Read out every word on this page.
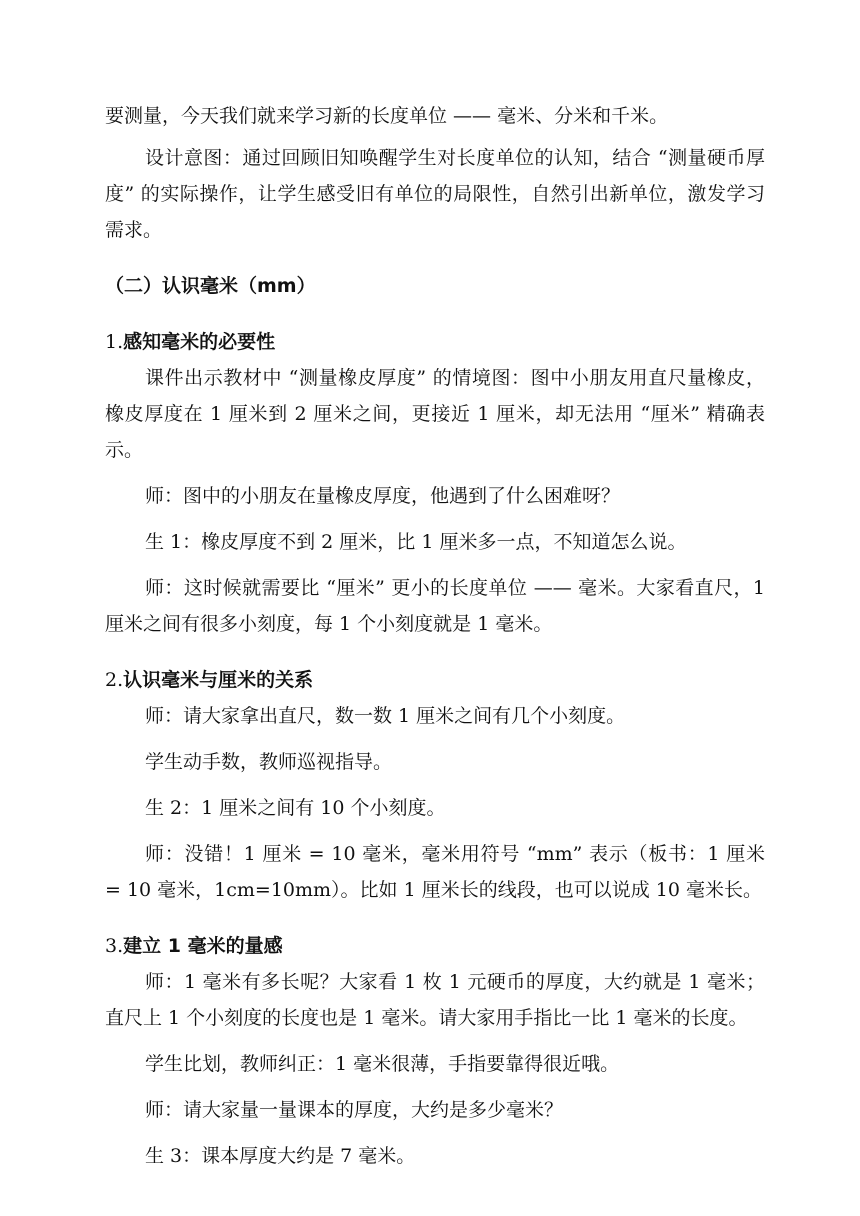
要测量，今天我们就来学习新的长度单位 —— 毫米、分米和千米。

设计意图：通过回顾旧知唤醒学生对长度单位的认知，结合 “测量硬币厚度” 的实际操作，让学生感受旧有单位的局限性，自然引出新单位，激发学习需求。

（二）认识毫米（mm）
1.感知毫米的必要性

课件出示教材中 “测量橡皮厚度” 的情境图：图中小朋友用直尺量橡皮，橡皮厚度在 1 厘米到 2 厘米之间，更接近 1 厘米，却无法用 “厘米” 精确表示。

师：图中的小朋友在量橡皮厚度，他遇到了什么困难呀？

生 1：橡皮厚度不到 2 厘米，比 1 厘米多一点，不知道怎么说。

师：这时候就需要比 “厘米” 更小的长度单位 —— 毫米。大家看直尺，1 厘米之间有很多小刻度，每 1 个小刻度就是 1 毫米。

2.认识毫米与厘米的关系

师：请大家拿出直尺，数一数 1 厘米之间有几个小刻度。

学生动手数，教师巡视指导。

生 2：1 厘米之间有 10 个小刻度。

师：没错！1 厘米 = 10 毫米，毫米用符号 “mm” 表示（板书：1 厘米 = 10 毫米，1cm=10mm）。比如 1 厘米长的线段，也可以说成 10 毫米长。

3.建立 1 毫米的量感

师：1 毫米有多长呢？大家看 1 枚 1 元硬币的厚度，大约就是 1 毫米；直尺上 1 个小刻度的长度也是 1 毫米。请大家用手指比一比 1 毫米的长度。

学生比划，教师纠正：1 毫米很薄，手指要靠得很近哦。

师：请大家量一量课本的厚度，大约是多少毫米？

生 3：课本厚度大约是 7 毫米。
